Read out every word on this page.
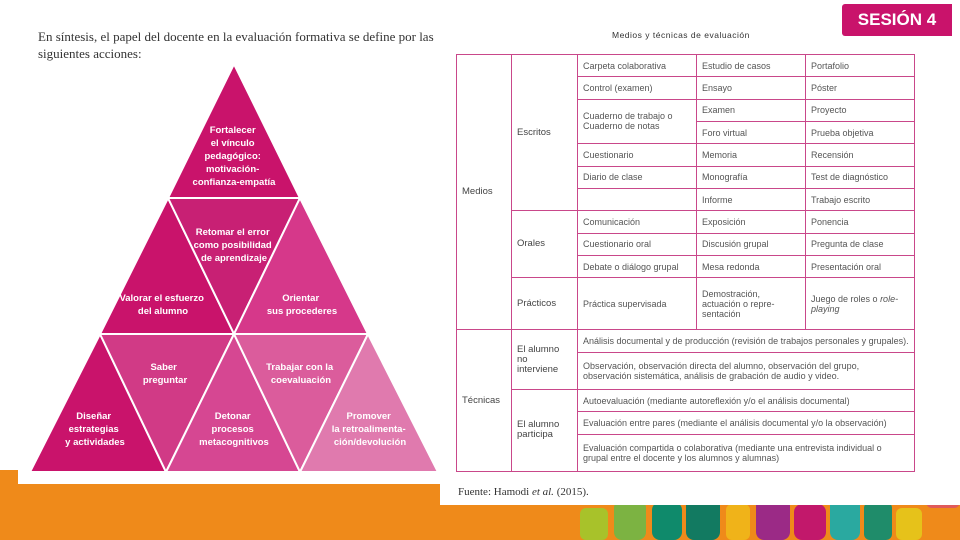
SESIÓN 4

En síntesis, el papel del docente en la evaluación formativa se define por las siguientes acciones:

Fortalecer el vínculo pedagógico: motivación- confianza-empatía
Valorar el esfuerzo del alumno
Retomar el error como posibilidad de aprendizaje
Orientar sus procederes
Diseñar estrategias y actividades
Saber preguntar
Detonar procesos metacognitivos
Trabajar con la coevaluación
Promover la retroalimenta- ción/devolución
Medios y técnicas de evaluación
Medios	Escritos	Carpeta colaborativa	Estudio de casos	Portafolio
		Control (examen)	Ensayo	Póster
		Cuaderno de trabajo o Cuaderno de notas	Examen	Proyecto
			Foro virtual	Prueba objetiva
		Cuestionario	Memoria	Recensión
		Diario de clase	Monografía	Test de diagnóstico
			Informe	Trabajo escrito
	Orales	Comunicación	Exposición	Ponencia
		Cuestionario oral	Discusión grupal	Pregunta de clase
		Debate o diálogo grupal	Mesa redonda	Presentación oral
	Prácticos	Práctica supervisada	Demostración, actuación o repre-sentación	Juego de roles o role-playing

Técnicas	El alumno
no
interviene	Análisis documental y de producción (revisión de trabajos personales y grupales).		
		Observación, observación directa del alumno, observación del grupo, observación sistemática, análisis de grabación de audio y video.		
	El alumno
participa	Autoevaluación (mediante autoreflexión y/o el análisis documental)		
		Evaluación entre pares (mediante el análisis documental y/o la observación)		
		Evaluación compartida o colaborativa (mediante una entrevista individual o grupal entre el docente y los alumnos y alumnas)		
Fuente: Hamodi et al. (2015).
